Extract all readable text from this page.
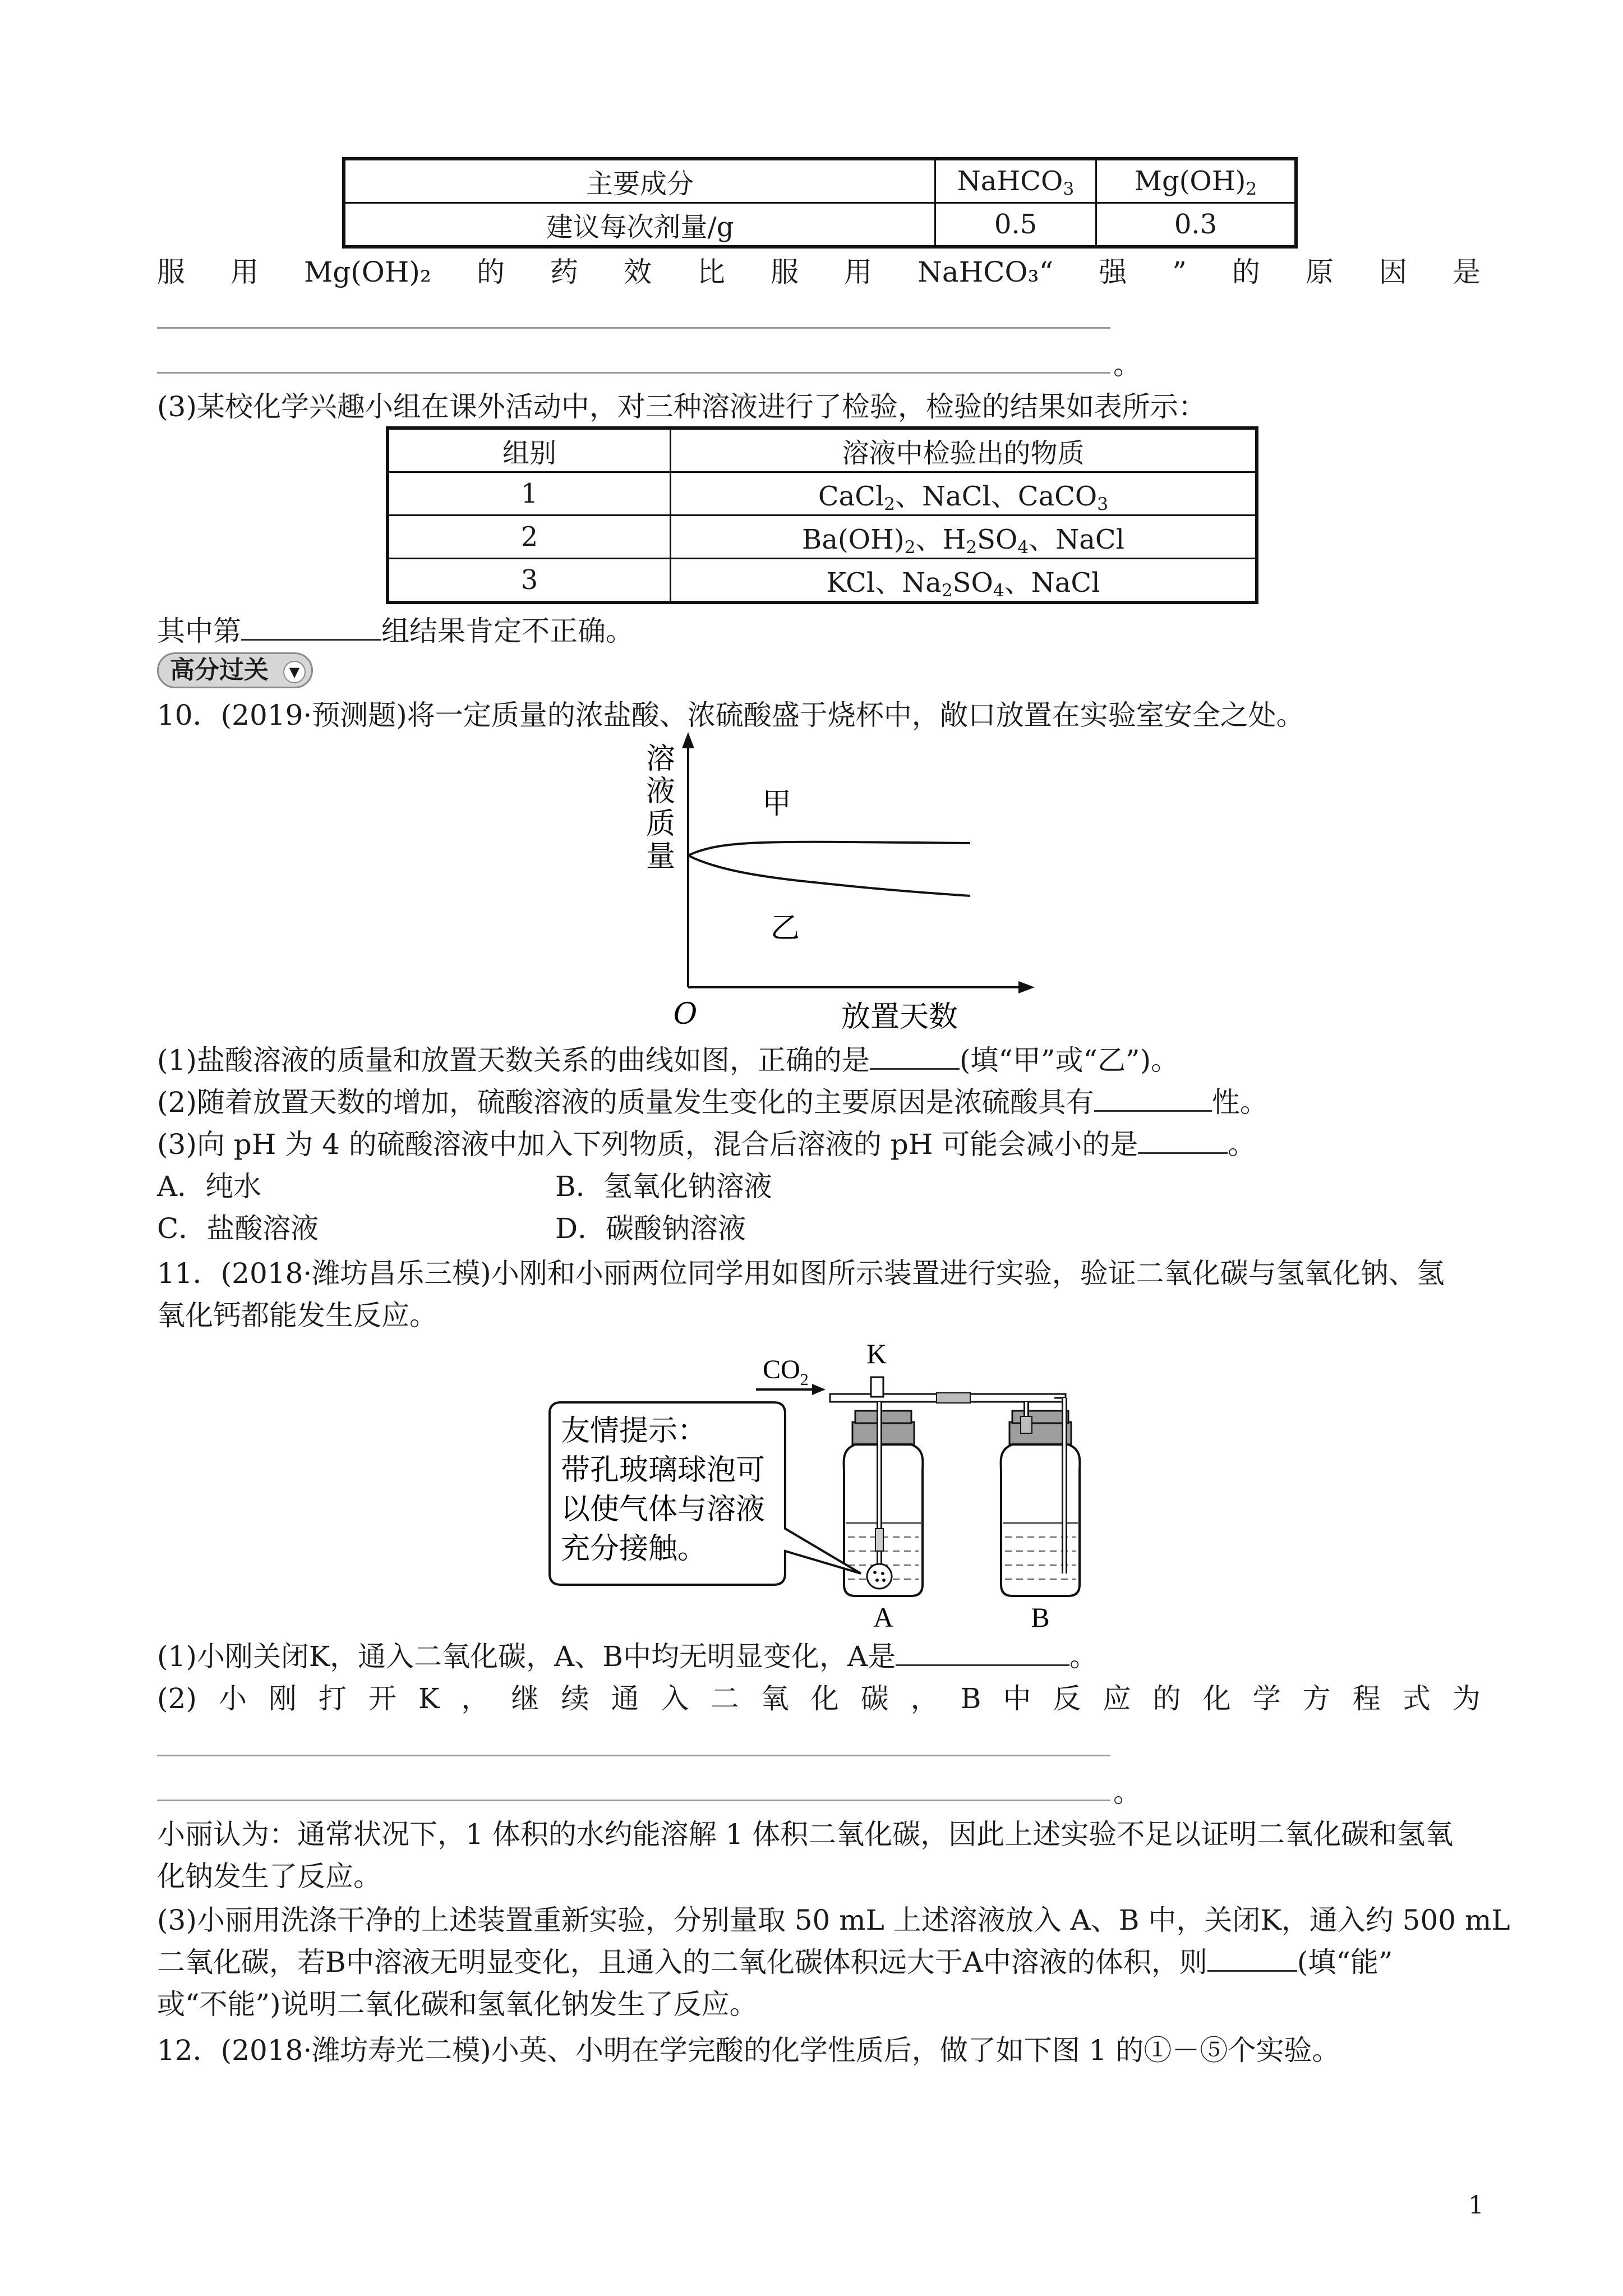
主要成分	NaHCO$_3$	$Mg(OH)_2$
建议每次剂量/g	0.5	0.3
服 用 Mg(OH)₂ 的 药 效 比 服 用 NaHCO₃“ 强 ” 的 原 因 是
。
(3)某校化学兴趣小组在课外活动中，对三种溶液进行了检验，检验的结果如表所示：
组别	溶液中检验出的物质
1	CaCl$_2$、NaCl、CaCO$_3$
2	$Ba(OH)_2$、$H_2SO_4$、NaCl
3	KCl、$Na_2SO_4$、NaCl
其中第	组结果肯定不正确。
高分过关	▼
10．(2019·预测题)将一定质量的浓盐酸、浓硫酸盛于烧杯中，敞口放置在实验室安全之处。
溶
液
质
量
甲
乙
O	放置天数
(1)盐酸溶液的质量和放置天数关系的曲线如图，正确的是	(填“甲”或“乙”)。
(2)随着放置天数的增加，硫酸溶液的质量发生变化的主要原因是浓硫酸具有	性。
(3)向 pH 为 4 的硫酸溶液中加入下列物质，混合后溶液的 pH 可能会减小的是	。
A．纯水	B．氢氧化钠溶液
C．盐酸溶液	D．碳酸钠溶液
11．(2018·潍坊昌乐三模)小刚和小丽两位同学用如图所示装置进行实验，验证二氧化碳与氢氧化钠、氢
氧化钙都能发生反应。
$CO_2$
K
友情提示：
带孔玻璃球泡可
以使气体与溶液
充分接触。
A	B
(1)小刚关闭K，通入二氧化碳，A、B中均无明显变化，A是	。
(2) 小 刚 打 开 K ， 继 续 通 入 二 氧 化 碳 ， B 中 反 应 的 化 学 方 程 式 为
。
小丽认为：通常状况下，1 体积的水约能溶解 1 体积二氧化碳，因此上述实验不足以证明二氧化碳和氢氧
化钠发生了反应。
(3)小丽用洗涤干净的上述装置重新实验，分别量取 50 mL 上述溶液放入 A、B 中，关闭K，通入约 500 mL
二氧化碳，若B中溶液无明显变化，且通入的二氧化碳体积远大于A中溶液的体积，则	(填“能”
或“不能”)说明二氧化碳和氢氧化钠发生了反应。
12．(2018·潍坊寿光二模)小英、小明在学完酸的化学性质后，做了如下图 1 的①－⑤个实验。
1
